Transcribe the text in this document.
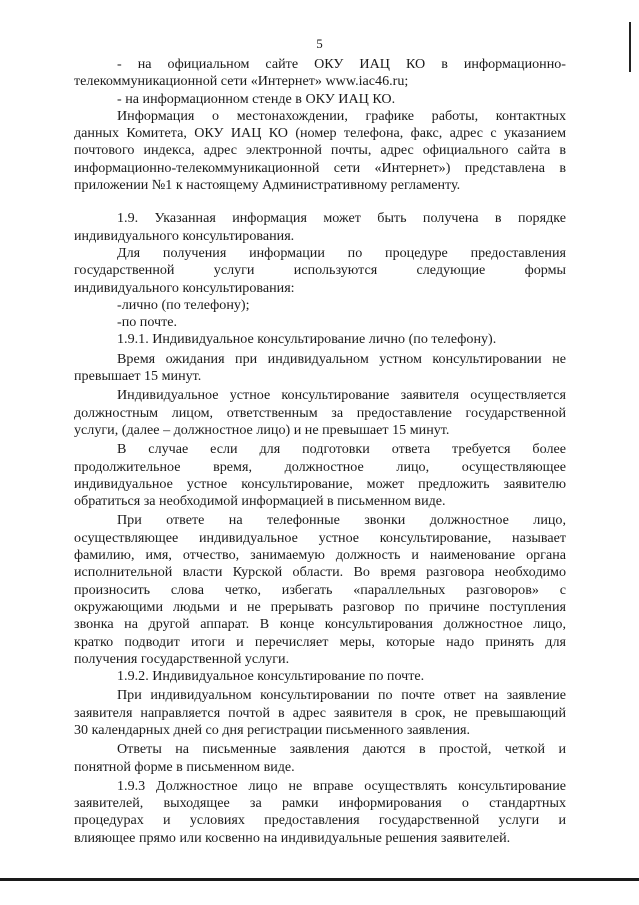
5

- на официальном сайте ОКУ ИАЦ КО в информационно-

телекоммуникационной сети «Интернет» www.iac46.ru;

- на информационном стенде в ОКУ ИАЦ КО.

Информация о местонахождении, графике работы, контактных

данных Комитета, ОКУ ИАЦ КО (номер телефона, факс, адрес с указанием

почтового индекса, адрес электронной почты, адрес официального сайта в

информационно-телекоммуникационной сети «Интернет») представлена в

приложении №1 к настоящему Административному регламенту.

1.9. Указанная информация может быть получена в порядке

индивидуального консультирования.

Для получения информации по процедуре предоставления

государственной услуги используются следующие формы

индивидуального консультирования:

-лично (по телефону);

-по почте.

1.9.1. Индивидуальное консультирование лично (по телефону).

Время ожидания при индивидуальном устном консультировании не

превышает 15 минут.

Индивидуальное устное консультирование заявителя осуществляется

должностным лицом, ответственным за предоставление государственной

услуги, (далее – должностное лицо) и не превышает 15 минут.

В случае если для подготовки ответа требуется более

продолжительное время, должностное лицо, осуществляющее

индивидуальное устное консультирование, может предложить заявителю

обратиться за необходимой информацией в письменном виде.

При ответе на телефонные звонки должностное лицо,

осуществляющее индивидуальное устное консультирование, называет

фамилию, имя, отчество, занимаемую должность и наименование органа

исполнительной власти Курской области. Во время разговора необходимо

произносить слова четко, избегать «параллельных разговоров» с

окружающими людьми и не прерывать разговор по причине поступления

звонка на другой аппарат. В конце консультирования должностное лицо,

кратко подводит итоги и перечисляет меры, которые надо принять для

получения государственной услуги.

1.9.2. Индивидуальное консультирование по почте.

При индивидуальном консультировании по почте ответ на заявление

заявителя направляется почтой в адрес заявителя в срок, не превышающий

30 календарных дней со дня регистрации письменного заявления.

Ответы на письменные заявления даются в простой, четкой и

понятной форме в письменном виде.

1.9.3 Должностное лицо не вправе осуществлять консультирование

заявителей, выходящее за рамки информирования о стандартных

процедурах и условиях предоставления государственной услуги и

влияющее прямо или косвенно на индивидуальные решения заявителей.
